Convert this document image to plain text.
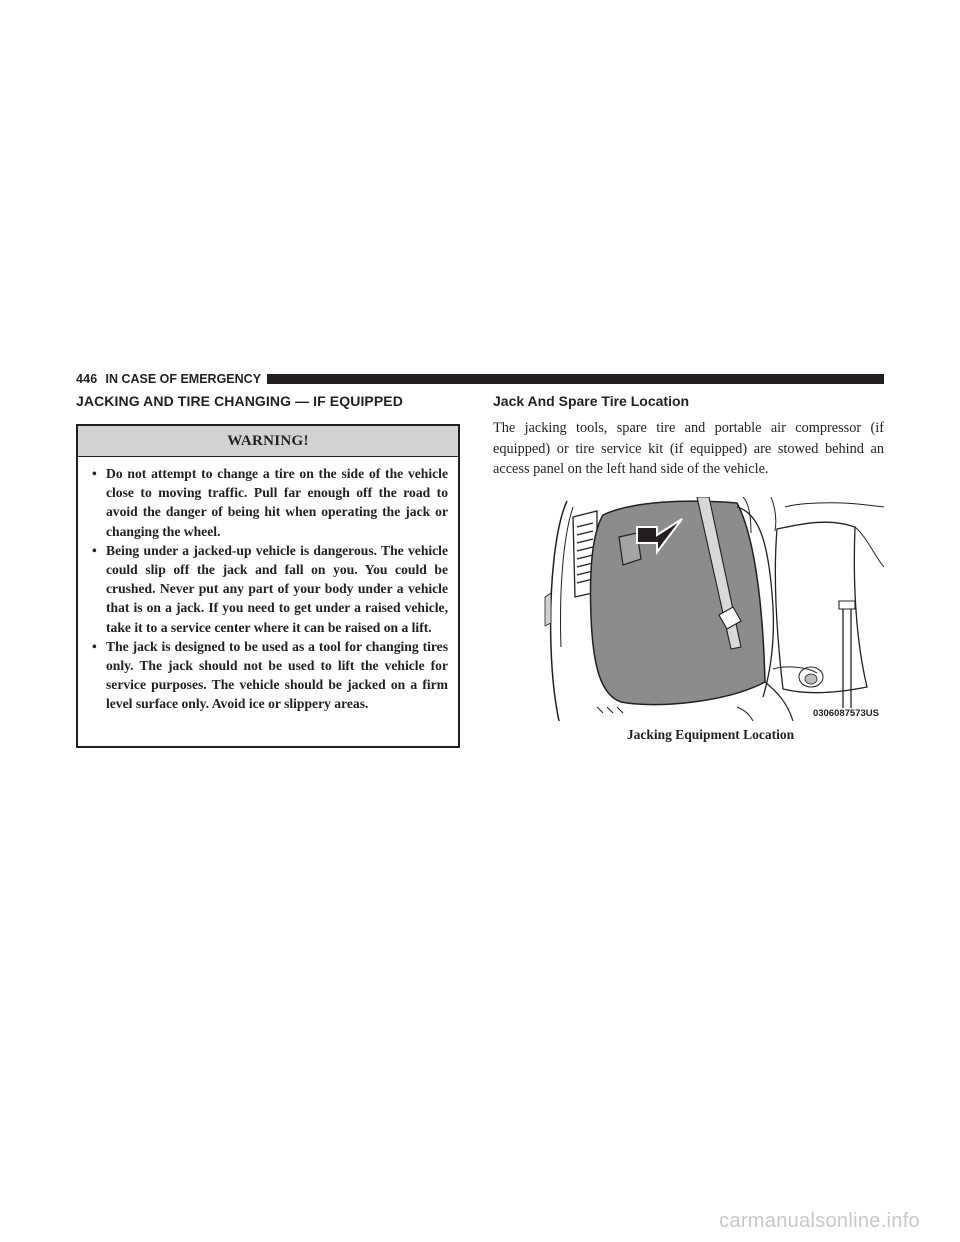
446 IN CASE OF EMERGENCY
JACKING AND TIRE CHANGING — IF EQUIPPED
WARNING!
• Do not attempt to change a tire on the side of the vehicle close to moving traffic. Pull far enough off the road to avoid the danger of being hit when operating the jack or changing the wheel.
• Being under a jacked-up vehicle is dangerous. The vehicle could slip off the jack and fall on you. You could be crushed. Never put any part of your body under a vehicle that is on a jack. If you need to get under a raised vehicle, take it to a service center where it can be raised on a lift.
• The jack is designed to be used as a tool for changing tires only. The jack should not be used to lift the vehicle for service purposes. The vehicle should be jacked on a firm level surface only. Avoid ice or slippery areas.
Jack And Spare Tire Location
The jacking tools, spare tire and portable air compressor (if equipped) or tire service kit (if equipped) are stowed behind an access panel on the left hand side of the vehicle.
0306087573US
Jacking Equipment Location
carmanualsonline.info
